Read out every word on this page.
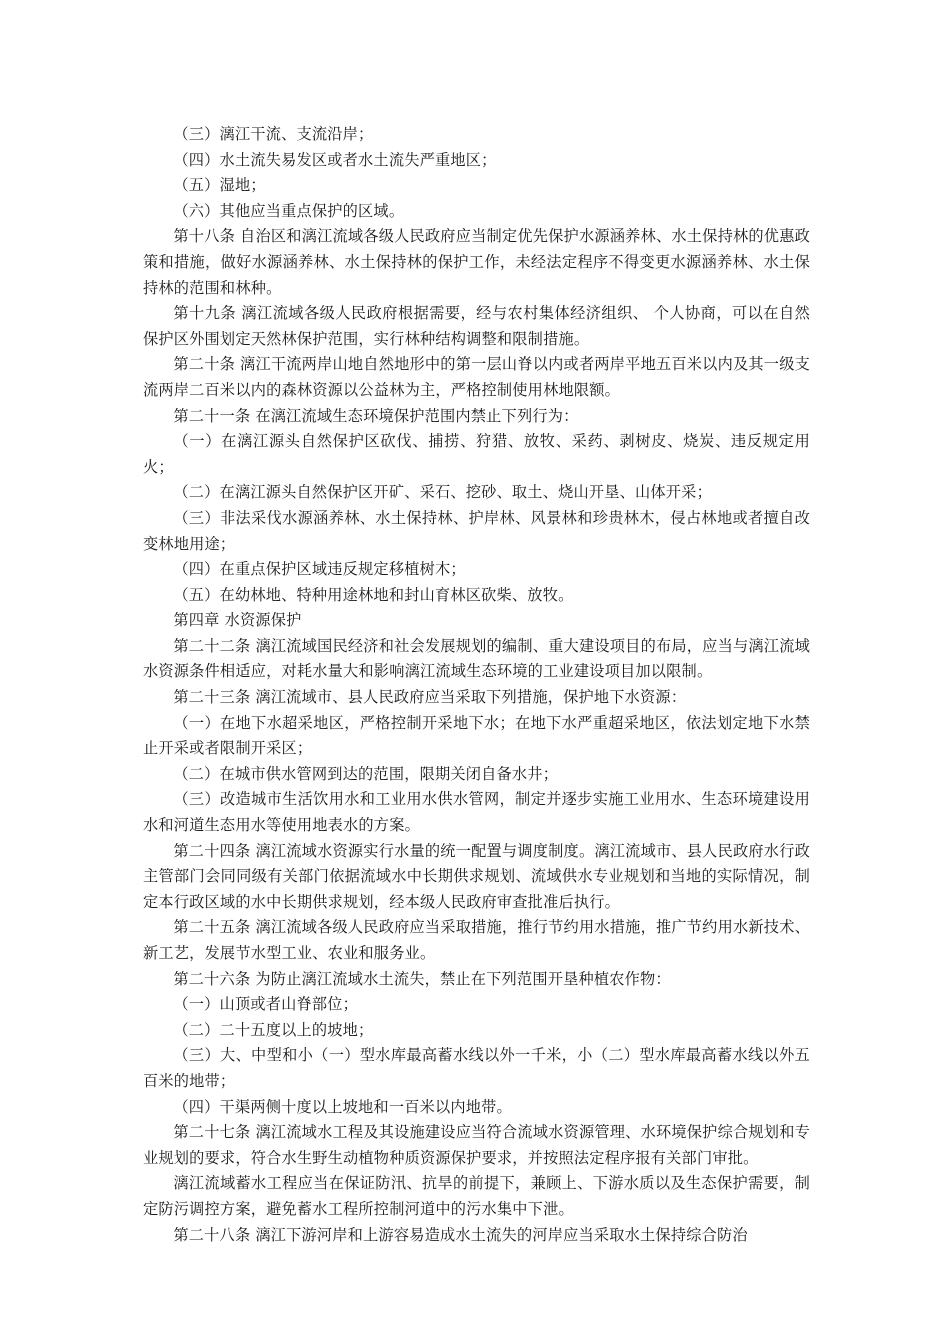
（三）漓江干流、支流沿岸；

（四）水土流失易发区或者水土流失严重地区；

（五）湿地；

（六）其他应当重点保护的区域。

第十八条 自治区和漓江流域各级人民政府应当制定优先保护水源涵养林、水土保持林的优惠政策和措施，做好水源涵养林、水土保持林的保护工作，未经法定程序不得变更水源涵养林、水土保持林的范围和林种。

第十九条 漓江流域各级人民政府根据需要，经与农村集体经济组织、 个人协商，可以在自然保护区外围划定天然林保护范围，实行林种结构调整和限制措施。

第二十条 漓江干流两岸山地自然地形中的第一层山脊以内或者两岸平地五百米以内及其一级支流两岸二百米以内的森林资源以公益林为主，严格控制使用林地限额。

第二十一条 在漓江流域生态环境保护范围内禁止下列行为：

（一）在漓江源头自然保护区砍伐、捕捞、狩猎、放牧、采药、剥树皮、烧炭、违反规定用火；

（二）在漓江源头自然保护区开矿、采石、挖砂、取土、烧山开垦、山体开采；

（三）非法采伐水源涵养林、水土保持林、护岸林、风景林和珍贵林木，侵占林地或者擅自改变林地用途；

（四）在重点保护区域违反规定移植树木；

（五）在幼林地、特种用途林地和封山育林区砍柴、放牧。

第四章 水资源保护

第二十二条 漓江流域国民经济和社会发展规划的编制、重大建设项目的布局，应当与漓江流域水资源条件相适应，对耗水量大和影响漓江流域生态环境的工业建设项目加以限制。

第二十三条 漓江流域市、县人民政府应当采取下列措施，保护地下水资源：

（一）在地下水超采地区，严格控制开采地下水；在地下水严重超采地区，依法划定地下水禁止开采或者限制开采区；

（二）在城市供水管网到达的范围，限期关闭自备水井；

（三）改造城市生活饮用水和工业用水供水管网，制定并逐步实施工业用水、生态环境建设用水和河道生态用水等使用地表水的方案。

第二十四条 漓江流域水资源实行水量的统一配置与调度制度。漓江流域市、县人民政府水行政主管部门会同同级有关部门依据流域水中长期供求规划、流域供水专业规划和当地的实际情况，制定本行政区域的水中长期供求规划，经本级人民政府审查批准后执行。

第二十五条 漓江流域各级人民政府应当采取措施，推行节约用水措施，推广节约用水新技术、新工艺，发展节水型工业、农业和服务业。

第二十六条 为防止漓江流域水土流失，禁止在下列范围开垦种植农作物：

（一）山顶或者山脊部位；

（二）二十五度以上的坡地；

（三）大、中型和小（一）型水库最高蓄水线以外一千米，小（二）型水库最高蓄水线以外五百米的地带；

（四）干渠两侧十度以上坡地和一百米以内地带。

第二十七条 漓江流域水工程及其设施建设应当符合流域水资源管理、水环境保护综合规划和专业规划的要求，符合水生野生动植物种质资源保护要求，并按照法定程序报有关部门审批。

漓江流域蓄水工程应当在保证防汛、抗旱的前提下，兼顾上、下游水质以及生态保护需要，制定防污调控方案，避免蓄水工程所控制河道中的污水集中下泄。

第二十八条 漓江下游河岸和上游容易造成水土流失的河岸应当采取水土保持综合防治
